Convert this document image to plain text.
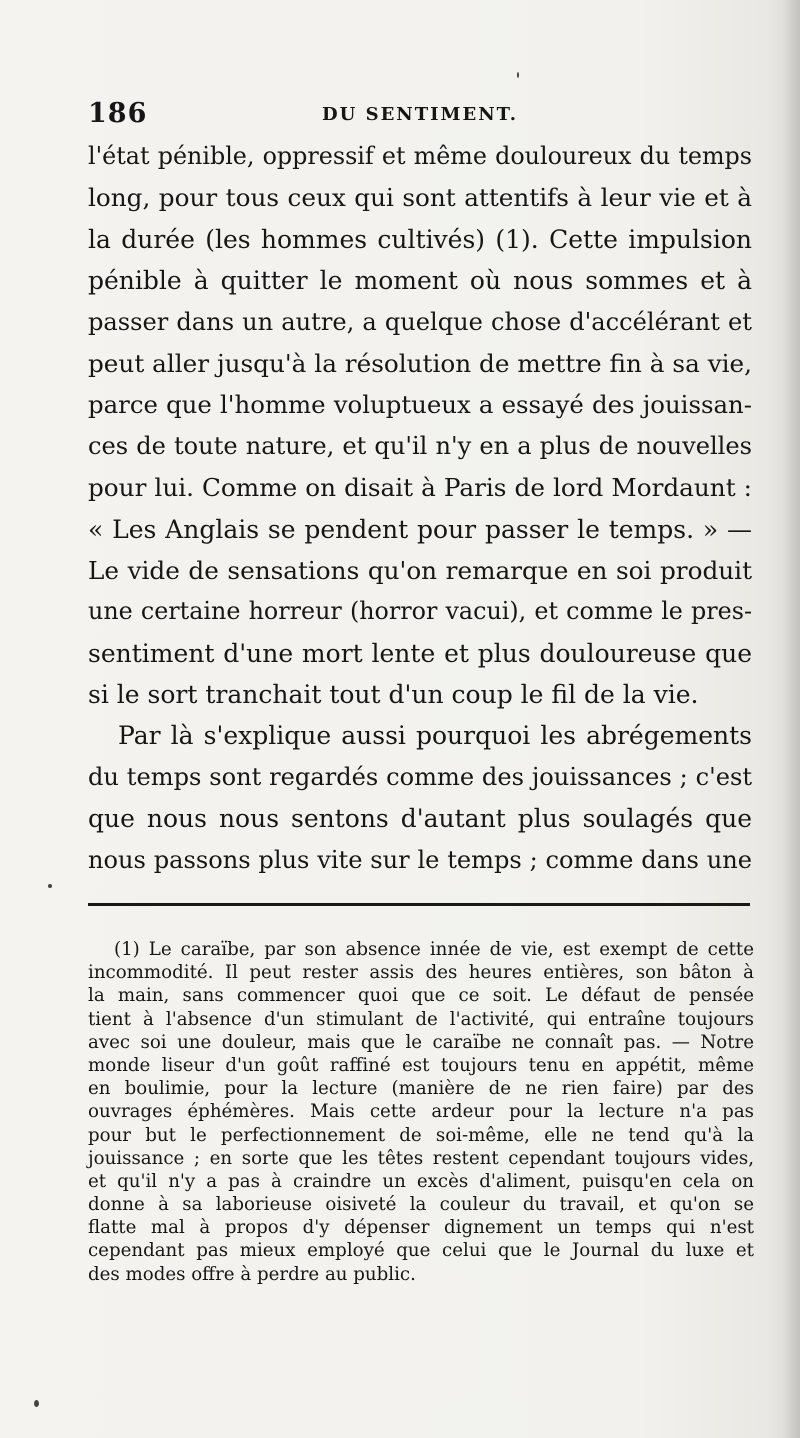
186	DU SENTIMENT.
l'état pénible, oppressif et même douloureux du temps
long, pour tous ceux qui sont attentifs à leur vie et à
la durée (les hommes cultivés) (1). Cette impulsion
pénible à quitter le moment où nous sommes et à
passer dans un autre, a quelque chose d'accélérant et
peut aller jusqu'à la résolution de mettre fin à sa vie,
parce que l'homme voluptueux a essayé des jouissan-
ces de toute nature, et qu'il n'y en a plus de nouvelles
pour lui. Comme on disait à Paris de lord Mordaunt :
« Les Anglais se pendent pour passer le temps. » —
Le vide de sensations qu'on remarque en soi produit
une certaine horreur (horror vacui), et comme le pres-
sentiment d'une mort lente et plus douloureuse que
si le sort tranchait tout d'un coup le fil de la vie.
Par là s'explique aussi pourquoi les abrégements
du temps sont regardés comme des jouissances ; c'est
que nous nous sentons d'autant plus soulagés que
nous passons plus vite sur le temps ; comme dans une
(1) Le caraïbe, par son absence innée de vie, est exempt de cette
incommodité. Il peut rester assis des heures entières, son bâton à
la main, sans commencer quoi que ce soit. Le défaut de pensée
tient à l'absence d'un stimulant de l'activité, qui entraîne toujours
avec soi une douleur, mais que le caraïbe ne connaît pas. — Notre
monde liseur d'un goût raffiné est toujours tenu en appétit, même
en boulimie, pour la lecture (manière de ne rien faire) par des
ouvrages éphémères. Mais cette ardeur pour la lecture n'a pas
pour but le perfectionnement de soi-même, elle ne tend qu'à la
jouissance ; en sorte que les têtes restent cependant toujours vides,
et qu'il n'y a pas à craindre un excès d'aliment, puisqu'en cela on
donne à sa laborieuse oisiveté la couleur du travail, et qu'on se
flatte mal à propos d'y dépenser dignement un temps qui n'est
cependant pas mieux employé que celui que le Journal du luxe et
des modes offre à perdre au public.
